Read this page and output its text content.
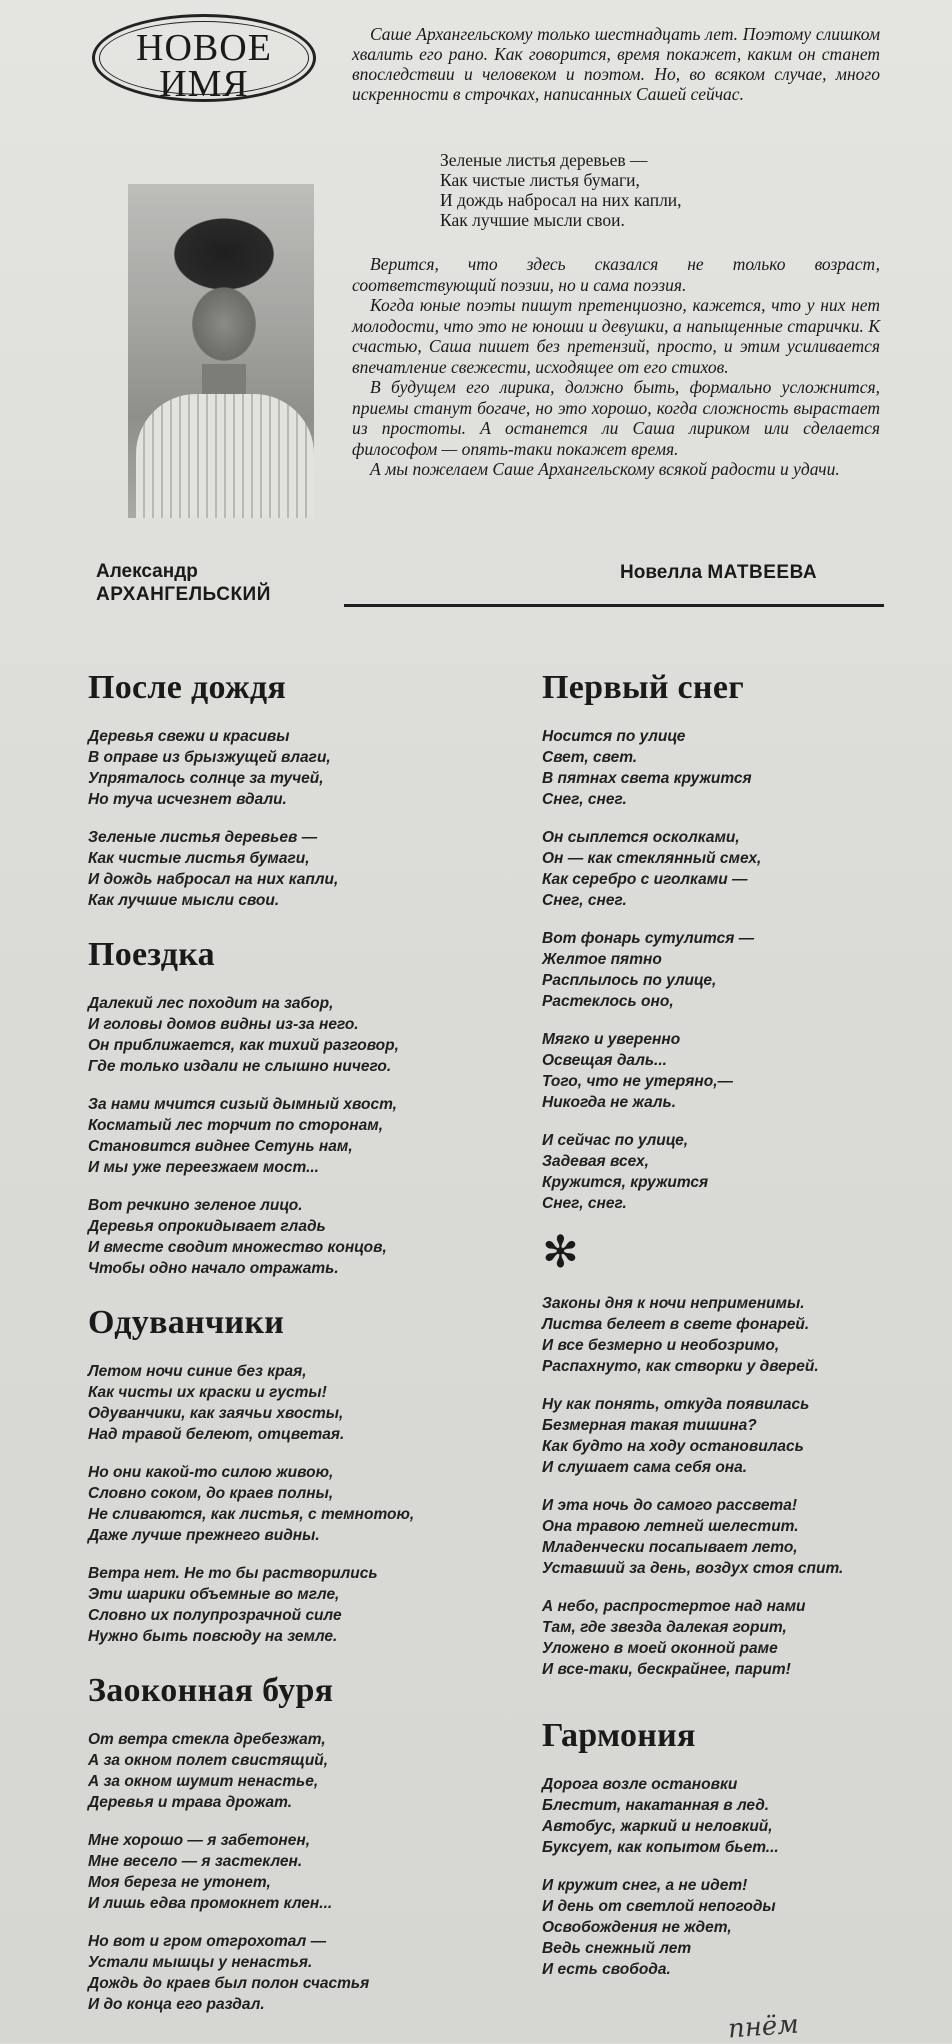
НОВОЕ
ИМЯ

Саше Архангельскому только шестнадцать лет. Поэтому слишком хвалить его рано. Как говорится, время покажет, каким он станет впоследствии и человеком и поэтом. Но, во всяком случае, много искренности в строчках, написанных Сашей сейчас.

Зеленые листья деревьев —
Как чистые листья бумаги,
И дождь набросал на них капли,
Как лучшие мысли свои.

Верится, что здесь сказался не только возраст, соответствующий поэзии, но и сама поэзия.

Когда юные поэты пишут претенциозно, кажется, что у них нет молодости, что это не юноши и девушки, а напыщенные старички. К счастью, Саша пишет без претензий, просто, и этим усиливается впечатление свежести, исходящее от его стихов.

В будущем его лирика, должно быть, формально усложнится, приемы станут богаче, но это хорошо, когда сложность вырастает из простоты. А останется ли Саша лириком или сделается философом — опять-таки покажет время.

А мы пожелаем Саше Архангельскому всякой радости и удачи.

Александр
АРХАНГЕЛЬСКИЙ
Новелла МАТВЕЕВА
После дождя
Деревья свежи и красивы
В оправе из брызжущей влаги,
Упряталось солнце за тучей,
Но туча исчезнет вдали.
Зеленые листья деревьев —
Как чистые листья бумаги,
И дождь набросал на них капли,
Как лучшие мысли свои.
Поездка
Далекий лес походит на забор,
И головы домов видны из-за него.
Он приближается, как тихий разговор,
Где только издали не слышно ничего.
За нами мчится сизый дымный хвост,
Косматый лес торчит по сторонам,
Становится виднее Сетунь нам,
И мы уже переезжаем мост...
Вот речкино зеленое лицо.
Деревья опрокидывает гладь
И вместе сводит множество концов,
Чтобы одно начало отражать.
Одуванчики
Летом ночи синие без края,
Как чисты их краски и густы!
Одуванчики, как заячьи хвосты,
Над травой белеют, отцветая.
Но они какой-то силою живою,
Словно соком, до краев полны,
Не сливаются, как листья, с темнотою,
Даже лучше прежнего видны.
Ветра нет. Не то бы растворились
Эти шарики объемные во мгле,
Словно их полупрозрачной силе
Нужно быть повсюду на земле.
Заоконная буря
От ветра стекла дребезжат,
А за окном полет свистящий,
А за окном шумит ненастье,
Деревья и трава дрожат.
Мне хорошо — я забетонен,
Мне весело — я застеклен.
Моя береза не утонет,
И лишь едва промокнет клен...
Но вот и гром отгрохотал —
Устали мышцы у ненастья.
Дождь до краев был полон счастья
И до конца его раздал.
Первый снег
Носится по улице
Свет, свет.
В пятнах света кружится
Снег, снег.
Он сыплется осколками,
Он — как стеклянный смех,
Как серебро с иголками —
Снег, снег.
Вот фонарь сутулится —
Желтое пятно
Расплылось по улице,
Растеклось оно,
Мягко и уверенно
Освещая даль...
Того, что не утеряно,—
Никогда не жаль.
И сейчас по улице,
Задевая всех,
Кружится, кружится
Снег, снег.
✻
Законы дня к ночи неприменимы.
Листва белеет в свете фонарей.
И все безмерно и необозримо,
Распахнуто, как створки у дверей.
Ну как понять, откуда появилась
Безмерная такая тишина?
Как будто на ходу остановилась
И слушает сама себя она.
И эта ночь до самого рассвета!
Она травою летней шелестит.
Младенчески посапывает лето,
Уставший за день, воздух стоя спит.
А небо, распростертое над нами
Там, где звезда далекая горит,
Уложено в моей оконной раме
И все-таки, бескрайнее, парит!
Гармония
Дорога возле остановки
Блестит, накатанная в лед.
Автобус, жаркий и неловкий,
Буксует, как копытом бьет...
И кружит снег, а не идет!
И день от светлой непогоды
Освобождения не ждет,
Ведь снежный лет
И есть свобода.
пнём
